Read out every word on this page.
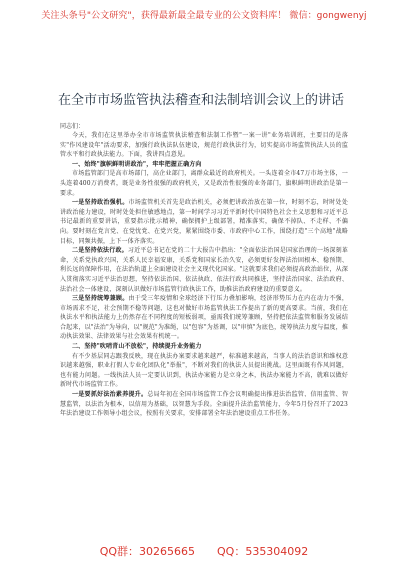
关注头条号"公文研究"，获得最新最全最专业的公文资料库！ 微信：gongwenyj
在全市市场监管执法稽查和法制培训会议上的讲话
同志们：

今天，我们在这里举办全市市场监管执法稽查和法制工作暨"一案一讲"业务培训班，主要目的是落实"作风建设年"活动要求，加强行政执法队伍建设，规范行政执法行为，切实提高市场监管执法人员的监管水平和行政执法能力。下面，我讲四点意见。

一、始终"旗帜鲜明讲政治"，牢牢把握正确方向

市场监管部门是高市场部门，高企业部门，离群众最近的政府机关。一头连着全市47万市场主体，一头连着400万消费者，既是业务性很强的政府机关，又是政治性很强的业务部门，旗帜鲜明讲政治是第一要求。

一是坚持政治强机。市场监管机关首先是政治机关，必须把讲政治放在第一位，时刻不忘，时时处处讲政治能力建设，时时处处担住敏感地点，第一时间学习习近平新时代中国特色社会主义思想和习近平总书记最新的重要讲话，重要指示批示精神，确保拥护上级部署，精准落实，确保不掉队、不走样、不偏向。要时刻在党言党、在党忧党、在党兴党，紧紧围绕市委、市政府中心工作，围绕打造"三个高地"战略目标，同频共振，上下一体齐落实。

二是坚持依法行政。习近平总书记在党的二十大报告中指出："全面依法治国是国家治理的一场深刻革命，关系党执政兴国，关系人民幸福安康，关系党和国家长治久安，必须更好发挥法治固根本、稳预期、利长远的保障作用，在法治轨道上全面建设社会主义现代化国家。"这就要求我们必须提高政治站位，从深入贯彻落实习近平法治思想，坚持依法治国、依法执政、依法行政共同推进，坚持法治国家、法治政府、法治社会一体建设，深刻认识做好市场监管行政执法工作，助推法治政府建设的重要意义。

三是坚持统筹兼顾。由于受三年疫情和全球经济下行压力叠加影响，经济形势压力在内在动力不强，市场需求不足，社会预期不稳等问题，这也对做好市场监管执法工作提出了新的更高要求。当前，我们在执法水平和执法能力上仍然存在不同程度的短板弱项，亟需我们统筹兼顾，坚持把依法监管和服务发展结合起来，以"法治"为导向，以"规范"为准绳，以"包容"为基调，以"审慎"为底色，统筹执法力度与温度，推动执法效果、法律效果与社会效果有机统一。

二、坚持"吹哨青山不放松"，持续提升业务能力

有不少基层同志跟我反映，现在执法办案要求越来越严，标准越来越高，当事人的法治意识和维权意识越来越强，职业打假人专业化团队化"举报"，不断对我们的执法人员提出挑战。这里面既有作风问题，也有能力问题。一线执法人员一定要认识到，执法办案能力是立身之本，执法办案能力不高，就难以做好新时代市场监管工作。

一是要抓好法治素养提升。总局年初在全国市场监管工作会议明确提出推进法治监管、信用监管、智慧监管，以法治为根本，以信用为基础，以智慧为手段。全面提升法治监管能力，今年5月份召开了2023年法治建设工作领导小组会议，按照有关要求，安排部署全年法治建设重点工作任务。

QQ群：30265665 QQ：535304092
